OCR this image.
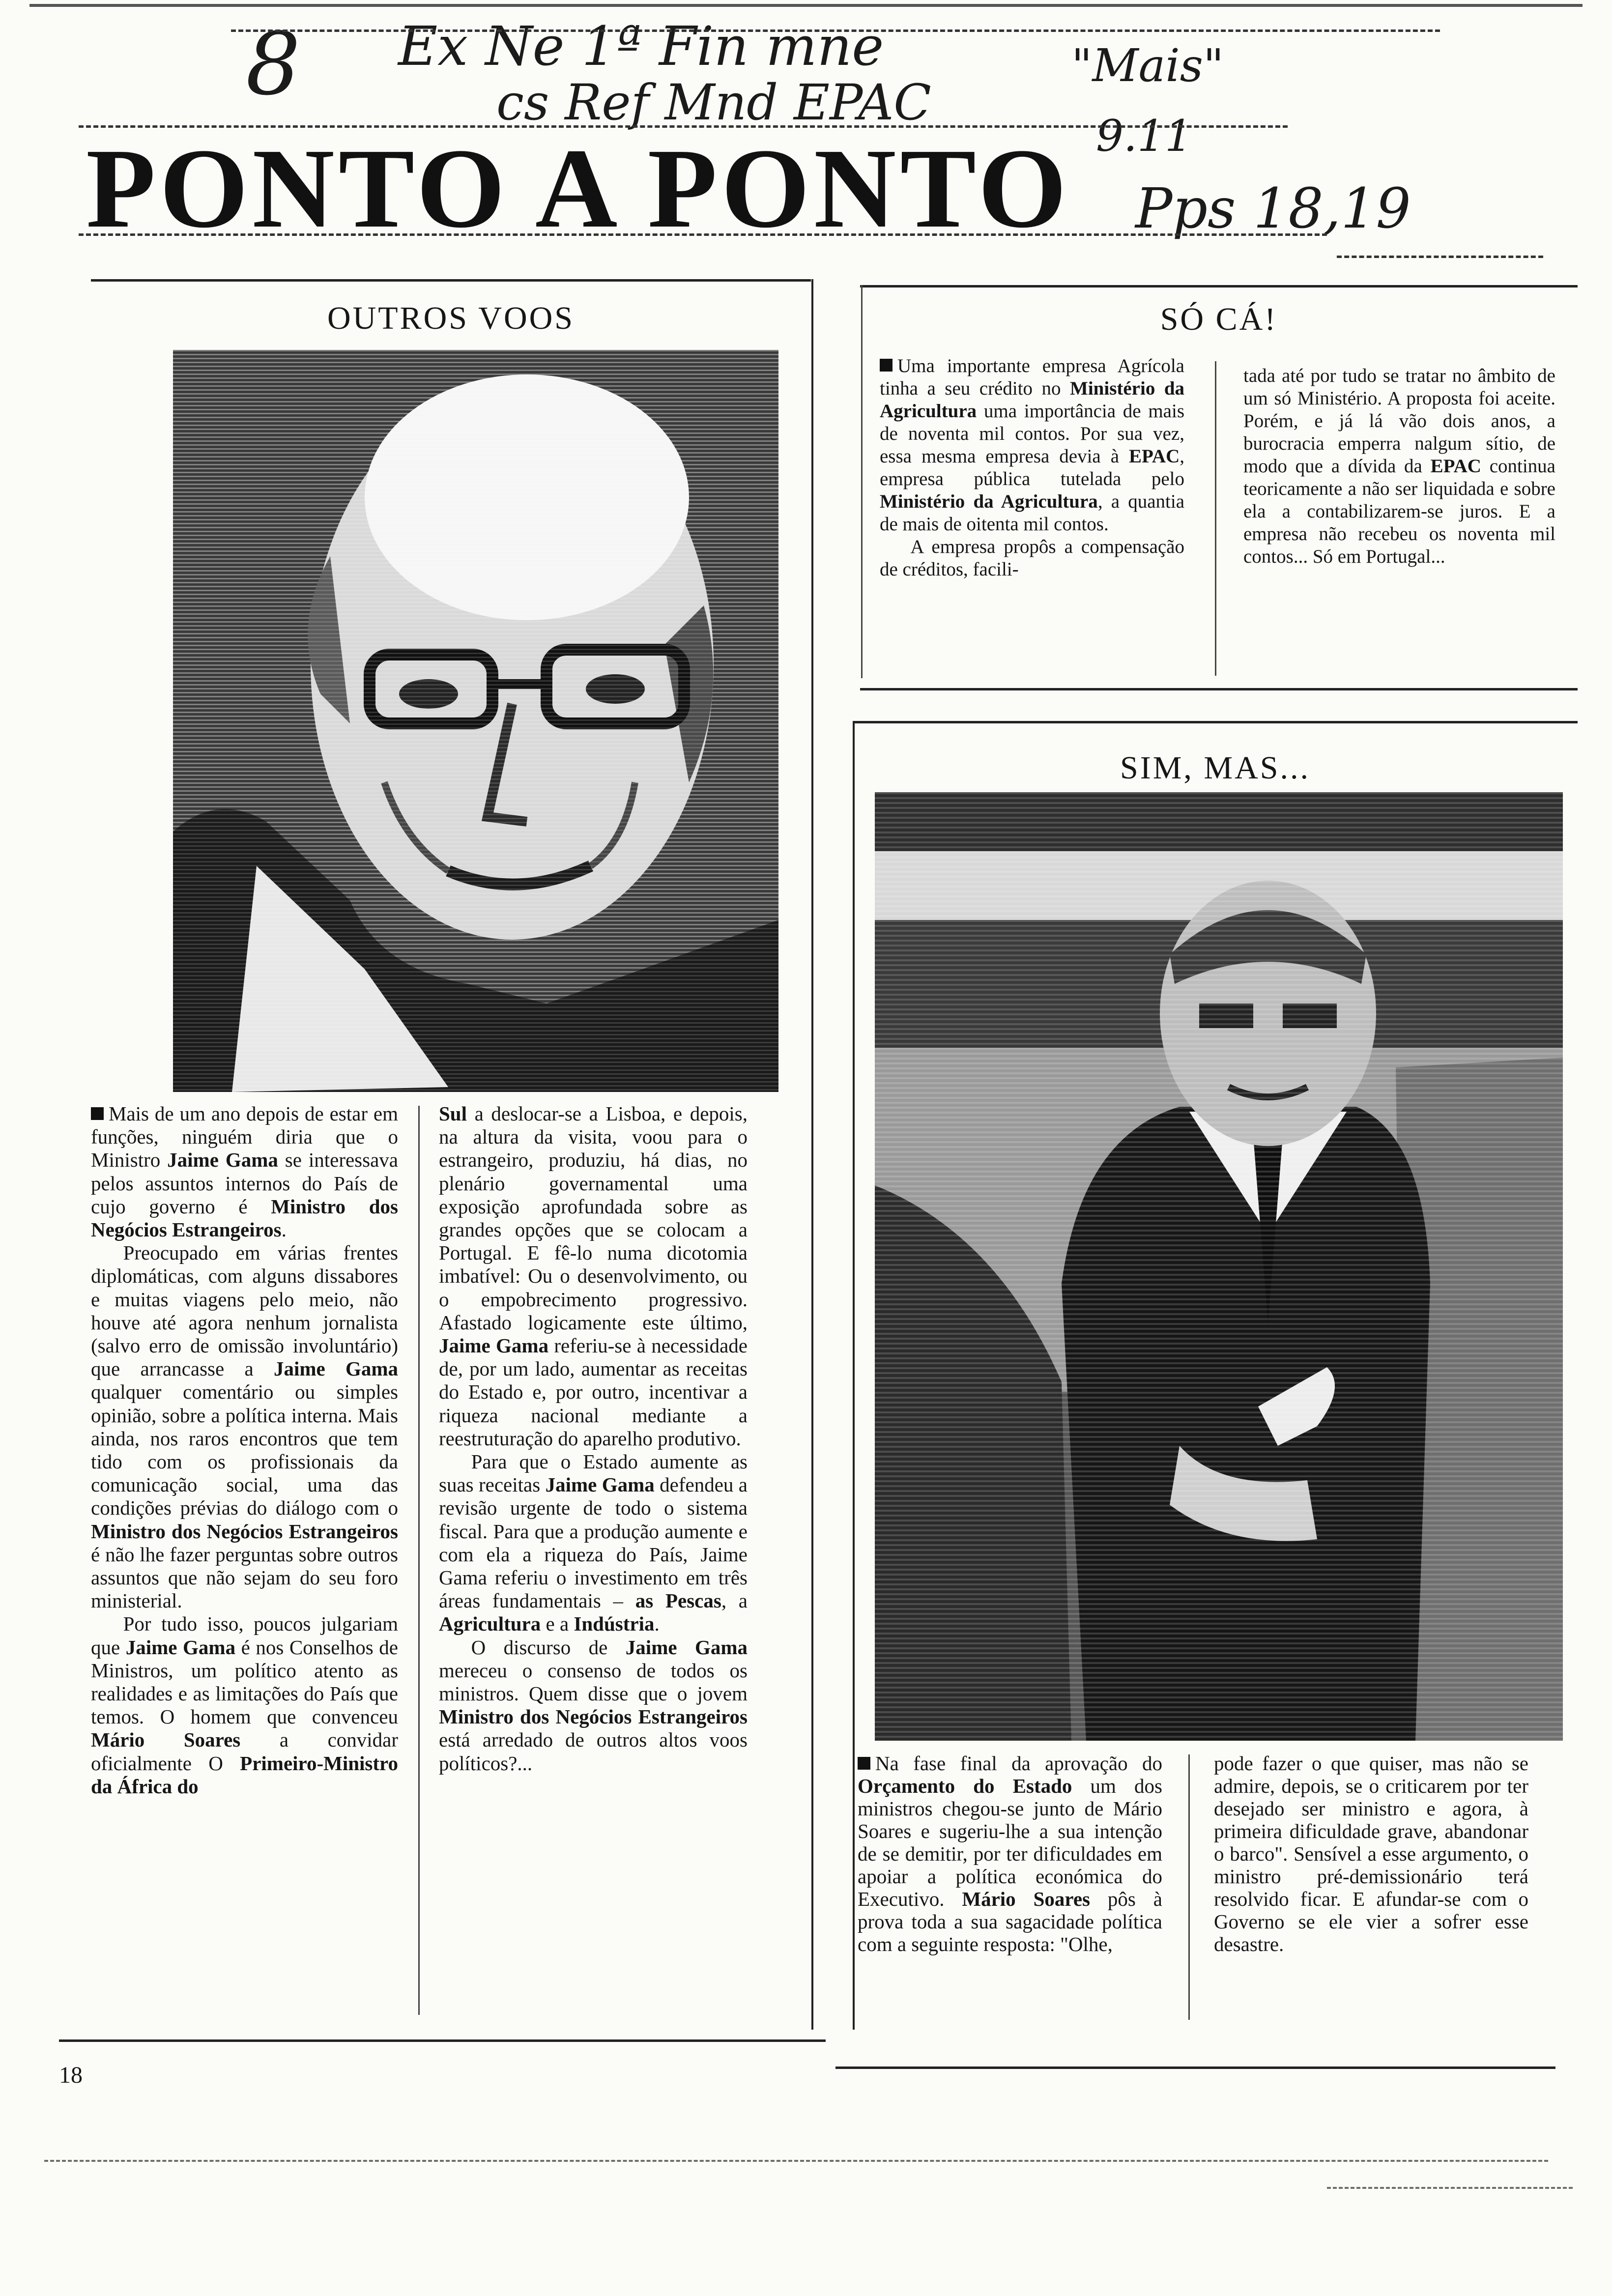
8 Ex Ne 1ª Fin mne
cs Ref Mnd EPAC
"Mais"
9.11
Pps 18,19
PONTO A PONTO
OUTROS VOOS

Mais de um ano depois de estar em funções, ninguém diria que o Ministro Jaime Gama se interessava pelos assuntos internos do País de cujo governo é Ministro dos Negócios Estrangeiros.

Preocupado em várias frentes diplomáticas, com alguns dissabores e muitas viagens pelo meio, não houve até agora nenhum jornalista (salvo erro de omissão involuntário) que arrancasse a Jaime Gama qualquer comentário ou simples opinião, sobre a política interna. Mais ainda, nos raros encontros que tem tido com os profissionais da comunicação social, uma das condições prévias do diálogo com o Ministro dos Negócios Estrangeiros é não lhe fazer perguntas sobre outros assuntos que não sejam do seu foro ministerial.

Por tudo isso, poucos julgariam que Jaime Gama é nos Conselhos de Ministros, um político atento as realidades e as limitações do País que temos. O homem que convenceu Mário Soares a convidar oficialmente O Primeiro-Ministro da África do

Sul a deslocar-se a Lisboa, e depois, na altura da visita, voou para o estrangeiro, produziu, há dias, no plenário governamental uma exposição aprofundada sobre as grandes opções que se colocam a Portugal. E fê-lo numa dicotomia imbatível: Ou o desenvolvimento, ou o empobrecimento progressivo. Afastado logicamente este último, Jaime Gama referiu-se à necessidade de, por um lado, aumentar as receitas do Estado e, por outro, incentivar a riqueza nacional mediante a reestruturação do aparelho produtivo.

Para que o Estado aumente as suas receitas Jaime Gama defendeu a revisão urgente de todo o sistema fiscal. Para que a produção aumente e com ela a riqueza do País, Jaime Gama referiu o investimento em três áreas fundamentais – as Pescas, a Agricultura e a Indústria.

O discurso de Jaime Gama mereceu o consenso de todos os ministros. Quem disse que o jovem Ministro dos Negócios Estrangeiros está arredado de outros altos voos políticos?...

SÓ CÁ!

Uma importante empresa Agrícola tinha a seu crédito no Ministério da Agricultura uma importância de mais de noventa mil contos. Por sua vez, essa mesma empresa devia à EPAC, empresa pública tutelada pelo Ministério da Agricultura, a quantia de mais de oitenta mil contos.

A empresa propôs a compensação de créditos, facili-

tada até por tudo se tratar no âmbito de um só Ministério. A proposta foi aceite. Porém, e já lá vão dois anos, a burocracia emperra nalgum sítio, de modo que a dívida da EPAC continua teoricamente a não ser liquidada e sobre ela a contabilizarem-se juros. E a empresa não recebeu os noventa mil contos... Só em Portugal...

SIM, MAS...

Na fase final da aprovação do Orçamento do Estado um dos ministros chegou-se junto de Mário Soares e sugeriu-lhe a sua intenção de se demitir, por ter dificuldades em apoiar a política económica do Executivo. Mário Soares pôs à prova toda a sua sagacidade política com a seguinte resposta: "Olhe,

pode fazer o que quiser, mas não se admire, depois, se o criticarem por ter desejado ser ministro e agora, à primeira dificuldade grave, abandonar o barco". Sensível a esse argumento, o ministro pré-demissionário terá resolvido ficar. E afundar-se com o Governo se ele vier a sofrer esse desastre.

18
